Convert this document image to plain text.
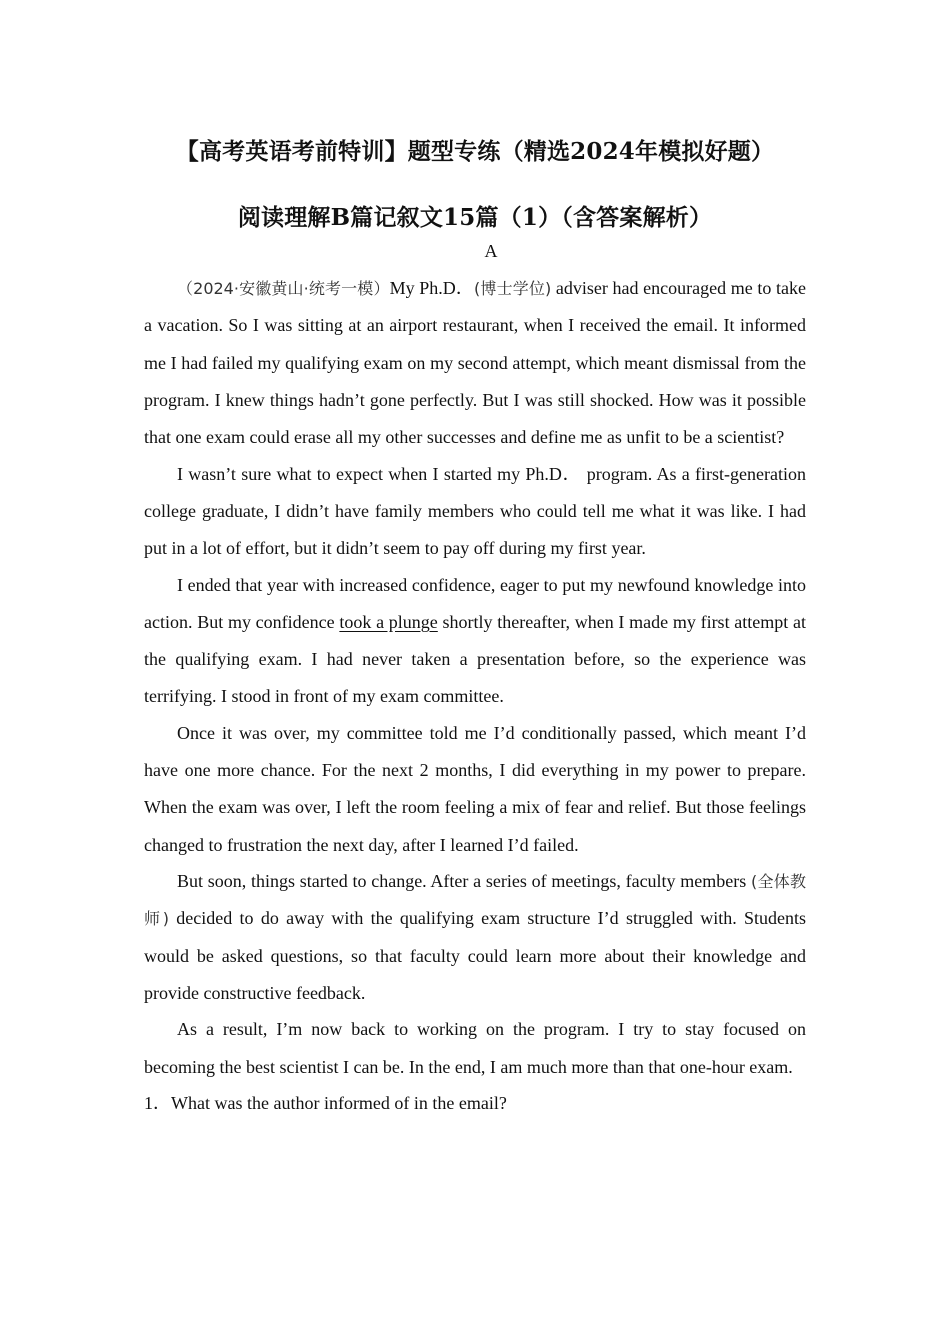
【高考英语考前特训】题型专练（精选2024年模拟好题）
阅读理解B篇记叙文15篇（1）（含答案解析）
A

（2024·安徽黄山·统考一模）My Ph.D．(博士学位) adviser had encouraged me to take a vacation. So I was sitting at an airport restaurant, when I received the email. It informed me I had failed my qualifying exam on my second attempt, which meant dismissal from the program. I knew things hadn’t gone perfectly. But I was still shocked. How was it possible that one exam could erase all my other successes and define me as unfit to be a scientist?

I wasn’t sure what to expect when I started my Ph.D． program. As a first-generation college graduate, I didn’t have family members who could tell me what it was like. I had put in a lot of effort, but it didn’t seem to pay off during my first year.

I ended that year with increased confidence, eager to put my newfound knowledge into action. But my confidence took a plunge shortly thereafter, when I made my first attempt at the qualifying exam. I had never taken a presentation before, so the experience was terrifying. I stood in front of my exam committee.

Once it was over, my committee told me I’d conditionally passed, which meant I’d have one more chance. For the next 2 months, I did everything in my power to prepare. When the exam was over, I left the room feeling a mix of fear and relief. But those feelings changed to frustration the next day, after I learned I’d failed.

But soon, things started to change. After a series of meetings, faculty members (全体教师) decided to do away with the qualifying exam structure I’d struggled with. Students would be asked questions, so that faculty could learn more about their knowledge and provide constructive feedback.

As a result, I’m now back to working on the program. I try to stay focused on becoming the best scientist I can be. In the end, I am much more than that one-hour exam.

1．What was the author informed of in the email?
